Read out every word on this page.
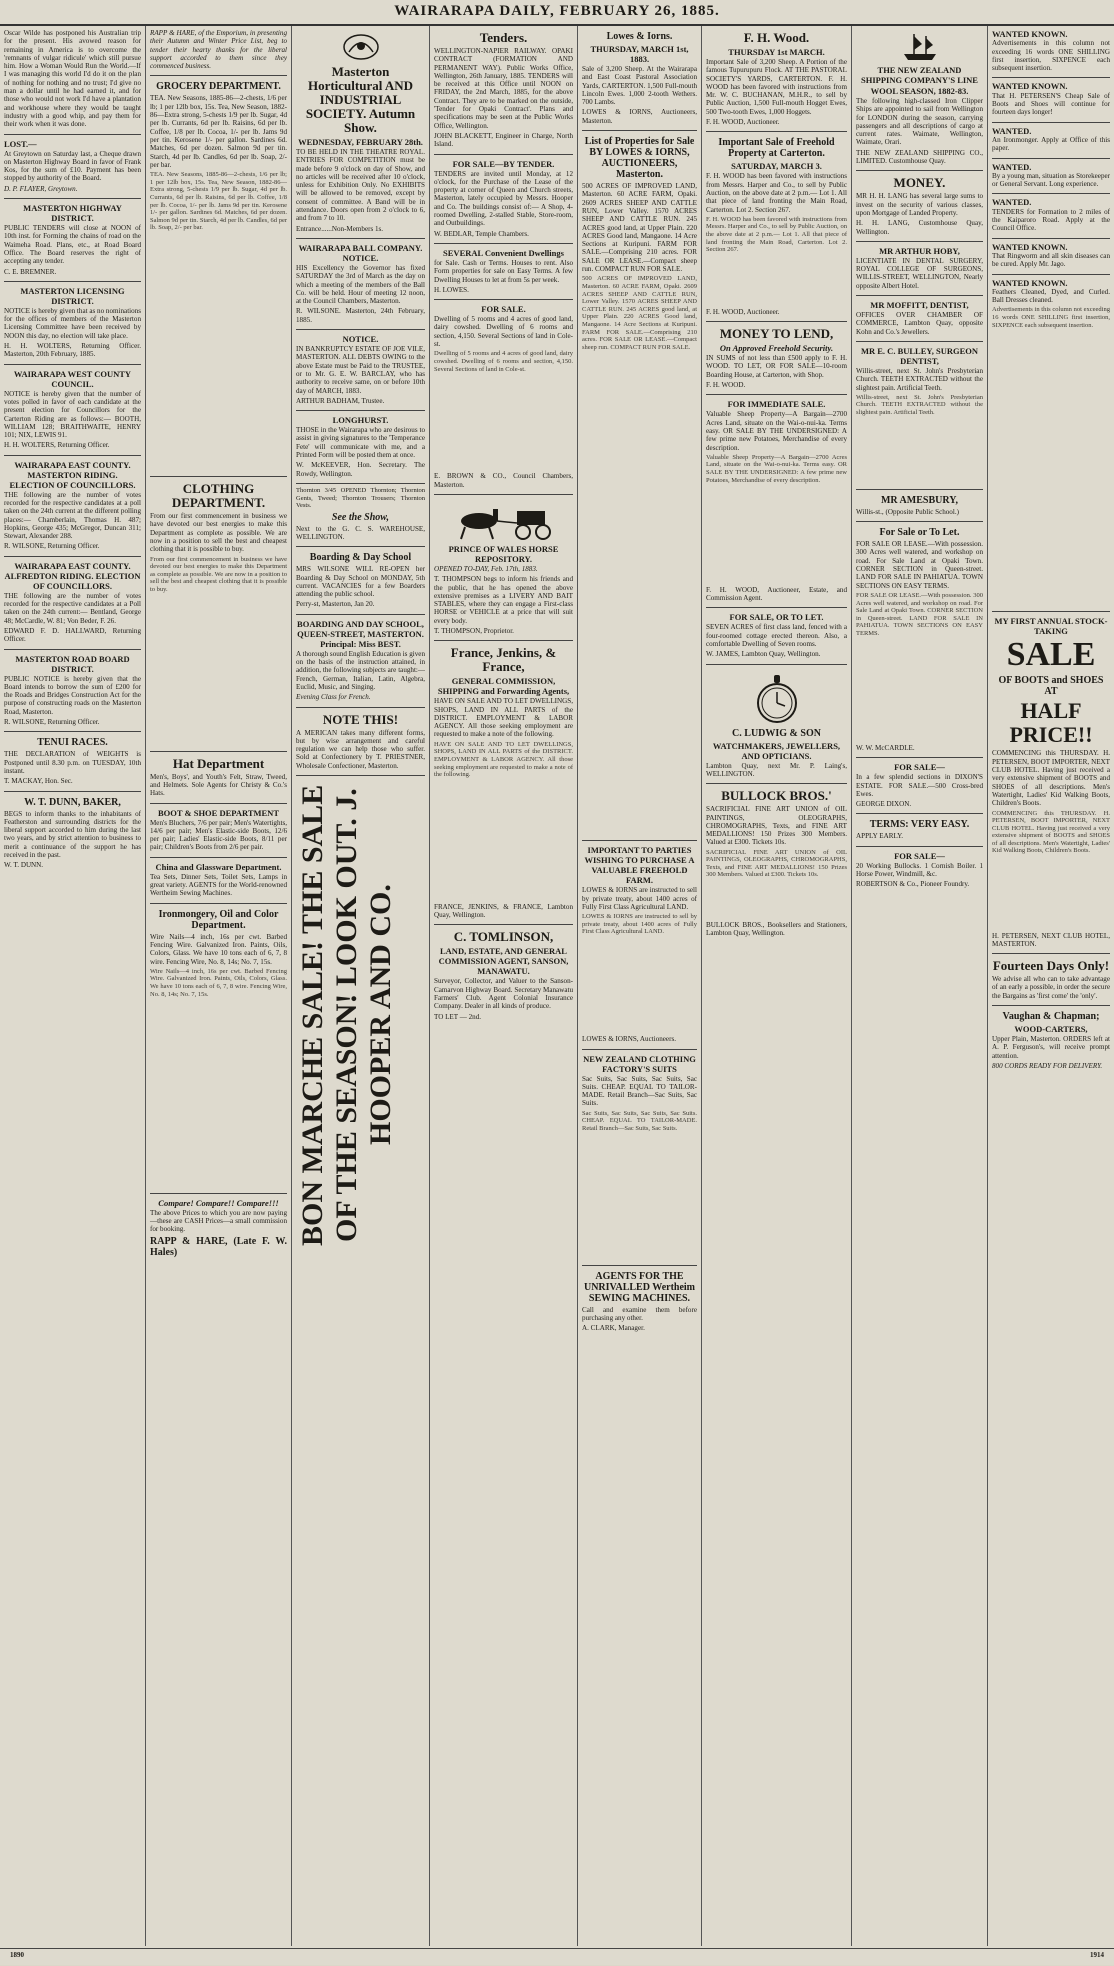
WAIRARAPA DAILY, FEBRUARY 26, 1885.

Oscar Wilde has postponed his Australian trip for the present. His avowed reason for remaining in America is to overcome the 'remnants of vulgar ridicule' which still pursue him. How a Woman Would Run the World.—If I was managing this world I'd do it on the plan of nothing for nothing and no trust; I'd give no man a dollar until he had earned it, and for those who would not work I'd have a plantation and workhouse where they would be taught industry with a good whip, and pay them for their work when it was done.

LOST.—

At Greytown on Saturday last, a Cheque drawn on Masterton Highway Board in favor of Frank Kos, for the sum of £10. Payment has been stopped by authority of the Board.

D. P. FLAYER, Greytown.

MASTERTON HIGHWAY DISTRICT.

PUBLIC TENDERS will close at NOON of 10th inst. for Forming the chains of road on the Waimeha Road. Plans, etc., at Road Board Office. The Board reserves the right of accepting any tender.

C. E. BREMNER.

MASTERTON LICENSING DISTRICT.

NOTICE is hereby given that as no nominations for the offices of members of the Masterton Licensing Committee have been received by NOON this day, no election will take place.

H. H. WOLTERS, Returning Officer. Masterton, 20th February, 1885.

WAIRARAPA WEST COUNTY COUNCIL.

NOTICE is hereby given that the number of votes polled in favor of each candidate at the present election for Councillors for the Carterton Riding are as follows:— BOOTH, WILLIAM 128; BRAITHWAITE, HENRY 101; NIX, LEWIS 91.

H. H. WOLTERS, Returning Officer.

WAIRARAPA EAST COUNTY. MASTERTON RIDING. ELECTION OF COUNCILLORS.

THE following are the number of votes recorded for the respective candidates at a poll taken on the 24th current at the different polling places:— Chamberlain, Thomas H. 487; Hopkins, George 435; McGregor, Duncan 311; Stewart, Alexander 288.

R. WILSONE, Returning Officer.

WAIRARAPA EAST COUNTY. ALFREDTON RIDING. ELECTION OF COUNCILLORS.

THE following are the number of votes recorded for the respective candidates at a Poll taken on the 24th current:— Bentland, George 48; McCardle, W. 81; Von Beder, F. 26.

EDWARD F. D. HALLWARD, Returning Officer.

MASTERTON ROAD BOARD DISTRICT.

PUBLIC NOTICE is hereby given that the Board intends to borrow the sum of £200 for the Roads and Bridges Construction Act for the purpose of constructing roads on the Masterton Road, Masterton.

R. WILSONE, Returning Officer.

TENUI RACES.

THE DECLARATION of WEIGHTS is Postponed until 8.30 p.m. on TUESDAY, 10th instant.

T. MACKAY, Hon. Sec.

W. T. DUNN, BAKER,

BEGS to inform thanks to the inhabitants of Featherston and surrounding districts for the liberal support accorded to him during the last two years, and by strict attention to business to merit a continuance of the support he has received in the past.

W. T. DUNN.

RAPP & HARE, of the Emporium, in presenting their Autumn and Winter Price List, beg to tender their hearty thanks for the liberal support accorded to them since they commenced business.

GROCERY DEPARTMENT.

TEA. New Seasons, 1885-86—2-chests, 1/6 per lb; 1 per 12lb box, 15s. Tea, New Season, 1882-86—Extra strong, 5-chests 1/9 per lb. Sugar, 4d per lb. Currants, 6d per lb. Raisins, 6d per lb. Coffee, 1/8 per lb. Cocoa, 1/- per lb. Jams 9d per tin. Kerosene 1/- per gallon. Sardines 6d. Matches, 6d per dozen. Salmon 9d per tin. Starch, 4d per lb. Candles, 6d per lb. Soap, 2/- per bar.

TEA. New Seasons, 1885-86—2-chests, 1/6 per lb; 1 per 12lb box, 15s. Tea, New Season, 1882-86—Extra strong, 5-chests 1/9 per lb. Sugar, 4d per lb. Currants, 6d per lb. Raisins, 6d per lb. Coffee, 1/8 per lb. Cocoa, 1/- per lb. Jams 9d per tin. Kerosene 1/- per gallon. Sardines 6d. Matches, 6d per dozen. Salmon 9d per tin. Starch, 4d per lb. Candles, 6d per lb. Soap, 2/- per bar.

CLOTHING DEPARTMENT.

From our first commencement in business we have devoted our best energies to make this Department as complete as possible. We are now in a position to sell the best and cheapest clothing that it is possible to buy.

From our first commencement in business we have devoted our best energies to make this Department as complete as possible. We are now in a position to sell the best and cheapest clothing that it is possible to buy.

Hat Department

Men's, Boys', and Youth's Felt, Straw, Tweed, and Helmets. Sole Agents for Christy & Co.'s Hats.

BOOT & SHOE DEPARTMENT

Men's Bluchers, 7/6 per pair; Men's Watertights, 14/6 per pair; Men's Elastic-side Boots, 12/6 per pair; Ladies' Elastic-side Boots, 8/11 per pair; Children's Boots from 2/6 per pair.

China and Glassware Department.

Tea Sets, Dinner Sets, Toilet Sets, Lamps in great variety. AGENTS for the World-renowned Wertheim Sewing Machines.

Ironmongery, Oil and Color Department.

Wire Nails—4 inch, 16s per cwt. Barbed Fencing Wire. Galvanized Iron. Paints, Oils, Colors, Glass. We have 10 tons each of 6, 7, 8 wire. Fencing Wire, No. 8, 14s; No. 7, 15s.

Wire Nails—4 inch, 16s per cwt. Barbed Fencing Wire. Galvanized Iron. Paints, Oils, Colors, Glass. We have 10 tons each of 6, 7, 8 wire. Fencing Wire, No. 8, 14s; No. 7, 15s.

Compare! Compare!! Compare!!!

The above Prices to which you are now paying—these are CASH Prices—a small commission for booking.

RAPP & HARE, (Late F. W. Hales)

Masterton Horticultural AND INDUSTRIAL SOCIETY. Autumn Show.
WEDNESDAY, FEBRUARY 28th.

TO BE HELD IN THE THEATRE ROYAL. ENTRIES FOR COMPETITION must be made before 9 o'clock on day of Show, and no articles will be received after 10 o'clock, unless for Exhibition Only. No EXHIBITS will be allowed to be removed, except by consent of committee. A Band will be in attendance. Doors open from 2 o'clock to 6, and from 7 to 10.

Entrance......Non-Members 1s.

WAIRARAPA BALL COMPANY. NOTICE.

HIS Excellency the Governor has fixed SATURDAY the 3rd of March as the day on which a meeting of the members of the Ball Co. will be held. Hour of meeting 12 noon, at the Council Chambers, Masterton.

R. WILSONE. Masterton, 24th February, 1885.

NOTICE.

IN BANKRUPTCY ESTATE OF JOE VILE, MASTERTON. ALL DEBTS OWING to the above Estate must be Paid to the TRUSTEE, or to Mr. G. E. W. BARCLAY, who has authority to receive same, on or before 10th day of MARCH, 1883.

ARTHUR BADHAM, Trustee.

LONGHURST.

THOSE in the Wairarapa who are desirous to assist in giving signatures to the 'Temperance Fete' will communicate with me, and a Printed Form will be posted them at once.

W. McKEEVER, Hon. Secretary. The Rowdy, Wellington.

Thornton 3/45 OPENED Thornton; Thornton Gents, Tweed; Thornton Trousers; Thornton Vests.

See the Show,

Next to the G. C. S. WAREHOUSE, WELLINGTON.

Boarding & Day School

MRS WILSONE WILL RE-OPEN her Boarding & Day School on MONDAY, 5th current. VACANCIES for a few Boarders attending the public school.

Perry-st, Masterton, Jan 20.

BOARDING AND DAY SCHOOL, QUEEN-STREET, MASTERTON. Principal: Miss BEST.

A thorough sound English Education is given on the basis of the instruction attained, in addition, the following subjects are taught:—French, German, Italian, Latin, Algebra, Euclid, Music, and Singing.

Evening Class for French.

NOTE THIS!

A MERICAN takes many different forms, but by wise arrangement and careful regulation we can help those who suffer. Sold at Confectionery by T. PRIESTNER, Wholesale Confectioner, Masterton.

BON MARCHE SALE! THE SALE OF THE SEASON! LOOK OUT. J. HOOPER AND CO.
Tenders.

WELLINGTON-NAPIER RAILWAY. OPAKI CONTRACT (FORMATION AND PERMANENT WAY). Public Works Office, Wellington, 26th January, 1885. TENDERS will be received at this Office until NOON on FRIDAY, the 2nd March, 1885, for the above Contract. They are to be marked on the outside, 'Tender for Opaki Contract'. Plans and specifications may be seen at the Public Works Office, Wellington.

JOHN BLACKETT, Engineer in Charge, North Island.

FOR SALE—BY TENDER.

TENDERS are invited until Monday, at 12 o'clock, for the Purchase of the Lease of the property at corner of Queen and Church streets, Masterton, lately occupied by Messrs. Hooper and Co. The buildings consist of:— A Shop, 4-roomed Dwelling, 2-stalled Stable, Store-room, and Outbuildings.

W. BEDLAR, Temple Chambers.

SEVERAL Convenient Dwellings

for Sale. Cash or Terms. Houses to rent. Also Form properties for sale on Easy Terms. A few Dwelling Houses to let at from 5s per week.

H. LOWES.

FOR SALE.

Dwelling of 5 rooms and 4 acres of good land, dairy cowshed. Dwelling of 6 rooms and section, 4,150. Several Sections of land in Cole-st.

Dwelling of 5 rooms and 4 acres of good land, dairy cowshed. Dwelling of 6 rooms and section, 4,150. Several Sections of land in Cole-st.

E. BROWN & CO., Council Chambers, Masterton.

PRINCE OF WALES HORSE REPOSITORY.

OPENED TO-DAY, Feb. 17th, 1883.

T. THOMPSON begs to inform his friends and the public, that he has opened the above extensive premises as a LIVERY AND BAIT STABLES, where they can engage a First-class HORSE or VEHICLE at a price that will suit every body.

T. THOMPSON, Proprietor.

France, Jenkins, & France,
GENERAL COMMISSION, SHIPPING and Forwarding Agents,

HAVE ON SALE AND TO LET DWELLINGS, SHOPS, LAND IN ALL PARTS of the DISTRICT. EMPLOYMENT & LABOR AGENCY. All those seeking employment are requested to make a note of the following.

HAVE ON SALE AND TO LET DWELLINGS, SHOPS, LAND IN ALL PARTS of the DISTRICT. EMPLOYMENT & LABOR AGENCY. All those seeking employment are requested to make a note of the following.

FRANCE, JENKINS, & FRANCE, Lambton Quay, Wellington.

C. TOMLINSON,
LAND, ESTATE, AND GENERAL COMMISSION AGENT, SANSON, MANAWATU.

Surveyor, Collector, and Valuer to the Sanson-Camarvon Highway Board. Secretary Manawatu Farmers' Club. Agent Colonial Insurance Company. Dealer in all kinds of produce.

TO LET — 2nd.

Lowes & Iorns.
THURSDAY, MARCH 1st, 1883.

Sale of 3,200 Sheep. At the Wairarapa and East Coast Pastoral Association Yards, CARTERTON. 1,500 Full-mouth Lincoln Ewes. 1,000 2-tooth Wethers. 700 Lambs.

LOWES & IORNS, Auctioneers, Masterton.

List of Properties for Sale BY LOWES & IORNS, AUCTIONEERS, Masterton.

500 ACRES OF IMPROVED LAND, Masterton. 60 ACRE FARM, Opaki. 2609 ACRES SHEEP AND CATTLE RUN, Lower Valley. 1570 ACRES SHEEP AND CATTLE RUN. 245 ACRES good land, at Upper Plain. 220 ACRES Good land, Mangaone. 14 Acre Sections at Kuripuni. FARM FOR SALE.—Comprising 210 acres. FOR SALE OR LEASE.—Compact sheep run. COMPACT RUN FOR SALE.

500 ACRES OF IMPROVED LAND, Masterton. 60 ACRE FARM, Opaki. 2609 ACRES SHEEP AND CATTLE RUN, Lower Valley. 1570 ACRES SHEEP AND CATTLE RUN. 245 ACRES good land, at Upper Plain. 220 ACRES Good land, Mangaone. 14 Acre Sections at Kuripuni. FARM FOR SALE.—Comprising 210 acres. FOR SALE OR LEASE.—Compact sheep run. COMPACT RUN FOR SALE.

IMPORTANT TO PARTIES WISHING TO PURCHASE A VALUABLE FREEHOLD FARM.

LOWES & IORNS are instructed to sell by private treaty, about 1400 acres of Fully First Class Agricultural LAND.

LOWES & IORNS are instructed to sell by private treaty, about 1400 acres of Fully First Class Agricultural LAND.

LOWES & IORNS, Auctioneers.

NEW ZEALAND CLOTHING FACTORY'S SUITS

Sac Suits, Sac Suits, Sac Suits, Sac Suits. CHEAP. EQUAL TO TAILOR-MADE. Retail Branch—Sac Suits, Sac Suits.

Sac Suits, Sac Suits, Sac Suits, Sac Suits. CHEAP. EQUAL TO TAILOR-MADE. Retail Branch—Sac Suits, Sac Suits.

AGENTS FOR THE UNRIVALLED Wertheim SEWING MACHINES.

Call and examine them before purchasing any other.

A. CLARK, Manager.

F. H. Wood.
THURSDAY 1st MARCH.

Important Sale of 3,200 Sheep. A Portion of the famous Tupurupuru Flock. AT THE PASTORAL SOCIETY'S YARDS, CARTERTON. F. H. WOOD has been favored with instructions from Mr. W. C. BUCHANAN, M.H.R., to sell by Public Auction, 1,500 Full-mouth Hogget Ewes, 500 Two-tooth Ewes, 1,000 Hoggets.

F. H. WOOD, Auctioneer.

Important Sale of Freehold Property at Carterton.
SATURDAY, MARCH 3.

F. H. WOOD has been favored with instructions from Messrs. Harper and Co., to sell by Public Auction, on the above date at 2 p.m.— Lot 1. All that piece of land fronting the Main Road, Carterton. Lot 2. Section 267.

F. H. WOOD has been favored with instructions from Messrs. Harper and Co., to sell by Public Auction, on the above date at 2 p.m.— Lot 1. All that piece of land fronting the Main Road, Carterton. Lot 2. Section 267.

F. H. WOOD, Auctioneer.

MONEY TO LEND,
On Approved Freehold Security.

IN SUMS of not less than £500 apply to F. H. WOOD. TO LET, OR FOR SALE—10-room Boarding House, at Carterton, with Shop.

F. H. WOOD.

FOR IMMEDIATE SALE.

Valuable Sheep Property—A Bargain—2700 Acres Land, situate on the Wai-o-nui-ka. Terms easy. OR SALE BY THE UNDERSIGNED: A few prime new Potatoes, Merchandise of every description.

Valuable Sheep Property—A Bargain—2700 Acres Land, situate on the Wai-o-nui-ka. Terms easy. OR SALE BY THE UNDERSIGNED: A few prime new Potatoes, Merchandise of every description.

F. H. WOOD, Auctioneer, Estate, and Commission Agent.

FOR SALE, OR TO LET.

SEVEN ACRES of first class land, fenced with a four-roomed cottage erected thereon. Also, a comfortable Dwelling of Seven rooms.

W. JAMES, Lambton Quay, Wellington.

C. LUDWIG & SON
WATCHMAKERS, JEWELLERS, AND OPTICIANS.

Lambton Quay, next Mr. P. Laing's, WELLINGTON.

BULLOCK BROS.'

SACRIFICIAL FINE ART UNION of OIL PAINTINGS, OLEOGRAPHS, CHROMOGRAPHS, Texts, and FINE ART MEDALLIONS! 150 Prizes 300 Members. Valued at £300. Tickets 10s.

SACRIFICIAL FINE ART UNION of OIL PAINTINGS, OLEOGRAPHS, CHROMOGRAPHS, Texts, and FINE ART MEDALLIONS! 150 Prizes 300 Members. Valued at £300. Tickets 10s.

BULLOCK BROS., Booksellers and Stationers, Lambton Quay, Wellington.

THE NEW ZEALAND SHIPPING COMPANY'S LINE
WOOL SEASON, 1882-83.

The following high-classed Iron Clipper Ships are appointed to sail from Wellington for LONDON during the season, carrying passengers and all descriptions of cargo at current rates. Waimate, Wellington, Waimate, Orari.

THE NEW ZEALAND SHIPPING CO., LIMITED. Customhouse Quay.

MONEY.

MR H. H. LANG has several large sums to invest on the security of various classes, upon Mortgage of Landed Property.

H. H. LANG, Customhouse Quay, Wellington.

MR ARTHUR HOBY,

LICENTIATE IN DENTAL SURGERY, ROYAL COLLEGE OF SURGEONS, WILLIS-STREET, WELLINGTON, Nearly opposite Albert Hotel.

MR MOFFITT, DENTIST,

OFFICES OVER CHAMBER OF COMMERCE, Lambton Quay, opposite Kohn and Co.'s Jewellers.

MR E. C. BULLEY, SURGEON DENTIST,

Willis-street, next St. John's Presbyterian Church. TEETH EXTRACTED without the slightest pain. Artificial Teeth.

Willis-street, next St. John's Presbyterian Church. TEETH EXTRACTED without the slightest pain. Artificial Teeth.

MR AMESBURY,

Willis-st., (Opposite Public School.)

For Sale or To Let.

FOR SALE OR LEASE.—With possession. 300 Acres well watered, and workshop on road. For Sale Land at Opaki Town. CORNER SECTION in Queen-street. LAND FOR SALE IN PAHIATUA. TOWN SECTIONS ON EASY TERMS.

FOR SALE OR LEASE.—With possession. 300 Acres well watered, and workshop on road. For Sale Land at Opaki Town. CORNER SECTION in Queen-street. LAND FOR SALE IN PAHIATUA. TOWN SECTIONS ON EASY TERMS.

W. W. McCARDLE.

FOR SALE—

In a few splendid sections in DIXON'S ESTATE. FOR SALE.—500 Cross-bred Ewes.

GEORGE DIXON.

TERMS: VERY EASY.

APPLY EARLY.

FOR SALE—

20 Working Bullocks. 1 Cornish Boiler. 1 Horse Power, Windmill, &c.

ROBERTSON & Co., Pioneer Foundry.

WANTED KNOWN.

Advertisements in this column not exceeding 16 words ONE SHILLING first insertion, SIXPENCE each subsequent insertion.

WANTED KNOWN.

That H. PETERSEN'S Cheap Sale of Boots and Shoes will continue for fourteen days longer!

WANTED.

An Ironmonger. Apply at Office of this paper.

WANTED.

By a young man, situation as Storekeeper or General Servant. Long experience.

WANTED.

TENDERS for Formation to 2 miles of the Kaiparoro Road. Apply at the Council Office.

WANTED KNOWN.

That Ringworm and all skin diseases can be cured. Apply Mr. Jago.

WANTED KNOWN.

Feathers Cleaned, Dyed, and Curled. Ball Dresses cleaned.

Advertisements in this column not exceeding 16 words ONE SHILLING first insertion, SIXPENCE each subsequent insertion.

MY FIRST ANNUAL STOCK-TAKING
SALE
OF BOOTS and SHOES AT
HALF PRICE!!

COMMENCING this THURSDAY. H. PETERSEN, BOOT IMPORTER, NEXT CLUB HOTEL. Having just received a very extensive shipment of BOOTS and SHOES of all descriptions. Men's Watertight, Ladies' Kid Walking Boots, Children's Boots.

COMMENCING this THURSDAY. H. PETERSEN, BOOT IMPORTER, NEXT CLUB HOTEL. Having just received a very extensive shipment of BOOTS and SHOES of all descriptions. Men's Watertight, Ladies' Kid Walking Boots, Children's Boots.

H. PETERSEN, NEXT CLUB HOTEL, MASTERTON.

Fourteen Days Only!

We advise all who can to take advantage of an early a possible, in order the secure the Bargains as 'first come' the 'only'.

Vaughan & Chapman;
WOOD-CARTERS,

Upper Plain, Masterton. ORDERS left at A. P. Ferguson's, will receive prompt attention.

800 CORDS READY FOR DELIVERY.

1890	1914
